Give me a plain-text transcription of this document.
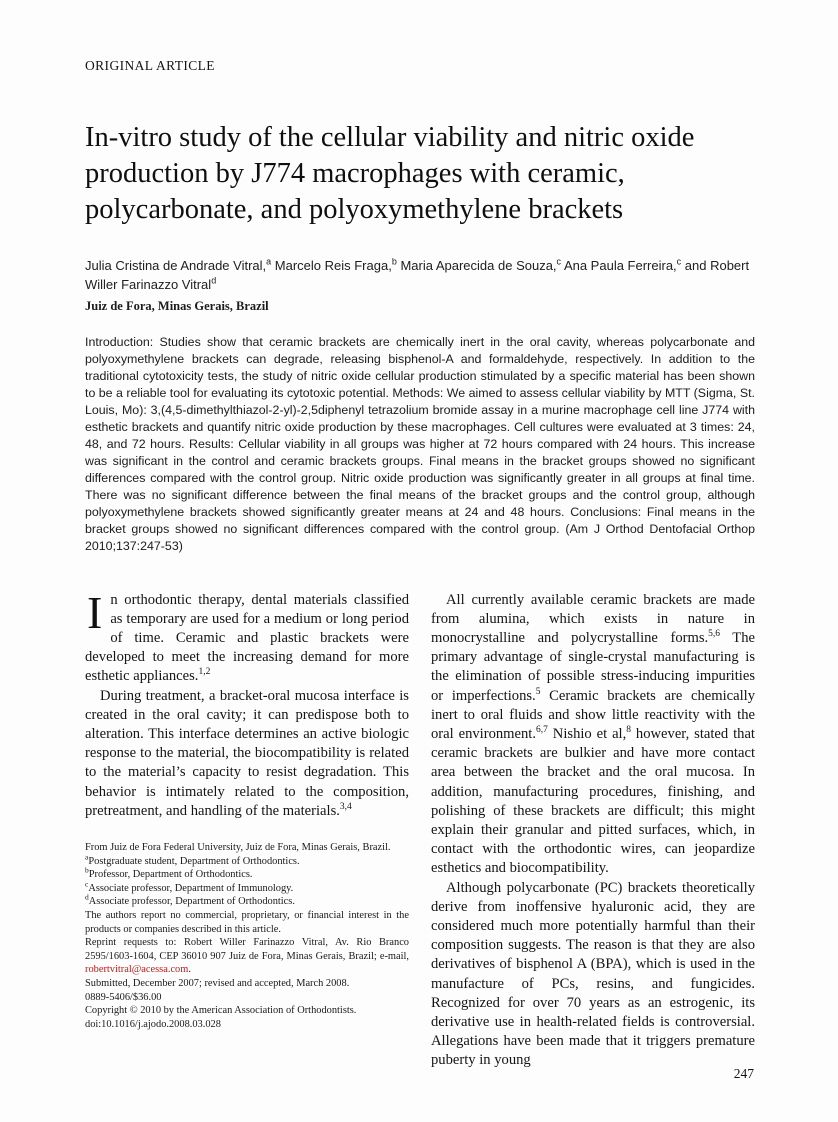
ORIGINAL ARTICLE
In-vitro study of the cellular viability and nitric oxide production by J774 macrophages with ceramic, polycarbonate, and polyoxymethylene brackets

Julia Cristina de Andrade Vitral,$^a$ Marcelo Reis Fraga,$^b$ Maria Aparecida de Souza,$^c$ Ana Paula Ferreira,$^c$ and Robert Willer Farinazzo Vitral$^d$

Juiz de Fora, Minas Gerais, Brazil

Introduction: Studies show that ceramic brackets are chemically inert in the oral cavity, whereas polycarbonate and polyoxymethylene brackets can degrade, releasing bisphenol-A and formaldehyde, respectively. In addition to the traditional cytotoxicity tests, the study of nitric oxide cellular production stimulated by a specific material has been shown to be a reliable tool for evaluating its cytotoxic potential. Methods: We aimed to assess cellular viability by MTT (Sigma, St. Louis, Mo): 3,(4,5-dimethylthiazol-2-yl)-2,5diphenyl tetrazolium bromide assay in a murine macrophage cell line J774 with esthetic brackets and quantify nitric oxide production by these macrophages. Cell cultures were evaluated at 3 times: 24, 48, and 72 hours. Results: Cellular viability in all groups was higher at 72 hours compared with 24 hours. This increase was significant in the control and ceramic brackets groups. Final means in the bracket groups showed no significant differences compared with the control group. Nitric oxide production was significantly greater in all groups at final time. There was no significant difference between the final means of the bracket groups and the control group, although polyoxymethylene brackets showed significantly greater means at 24 and 48 hours. Conclusions: Final means in the bracket groups showed no significant differences compared with the control group. (Am J Orthod Dentofacial Orthop 2010;137:247-53)

In orthodontic therapy, dental materials classified as temporary are used for a medium or long period of time. Ceramic and plastic brackets were developed to meet the increasing demand for more esthetic appliances.$^{1,2}$

During treatment, a bracket-oral mucosa interface is created in the oral cavity; it can predispose both to alteration. This interface determines an active biologic response to the material, the biocompatibility is related to the material’s capacity to resist degradation. This behavior is intimately related to the composition, pretreatment, and handling of the materials.$^{3,4}$

From Juiz de Fora Federal University, Juiz de Fora, Minas Gerais, Brazil.

$^a$Postgraduate student, Department of Orthodontics.

$^b$Professor, Department of Orthodontics.

$^c$Associate professor, Department of Immunology.

$^d$Associate professor, Department of Orthodontics.

The authors report no commercial, proprietary, or financial interest in the products or companies described in this article.

Reprint requests to: Robert Willer Farinazzo Vitral, Av. Rio Branco 2595/1603-1604, CEP 36010 907 Juiz de Fora, Minas Gerais, Brazil; e-mail, robertvitral@acessa.com.

Submitted, December 2007; revised and accepted, March 2008.

0889-5406/$36.00

Copyright © 2010 by the American Association of Orthodontists.

doi:10.1016/j.ajodo.2008.03.028

All currently available ceramic brackets are made from alumina, which exists in nature in monocrystalline and polycrystalline forms.$^{5,6}$ The primary advantage of single-crystal manufacturing is the elimination of possible stress-inducing impurities or imperfections.$^5$ Ceramic brackets are chemically inert to oral fluids and show little reactivity with the oral environment.$^{6,7}$ Nishio et al,$^8$ however, stated that ceramic brackets are bulkier and have more contact area between the bracket and the oral mucosa. In addition, manufacturing procedures, finishing, and polishing of these brackets are difficult; this might explain their granular and pitted surfaces, which, in contact with the orthodontic wires, can jeopardize esthetics and biocompatibility.

Although polycarbonate (PC) brackets theoretically derive from inoffensive hyaluronic acid, they are considered much more potentially harmful than their composition suggests. The reason is that they are also derivatives of bisphenol A (BPA), which is used in the manufacture of PCs, resins, and fungicides. Recognized for over 70 years as an estrogenic, its derivative use in health-related fields is controversial. Allegations have been made that it triggers premature puberty in young

247
